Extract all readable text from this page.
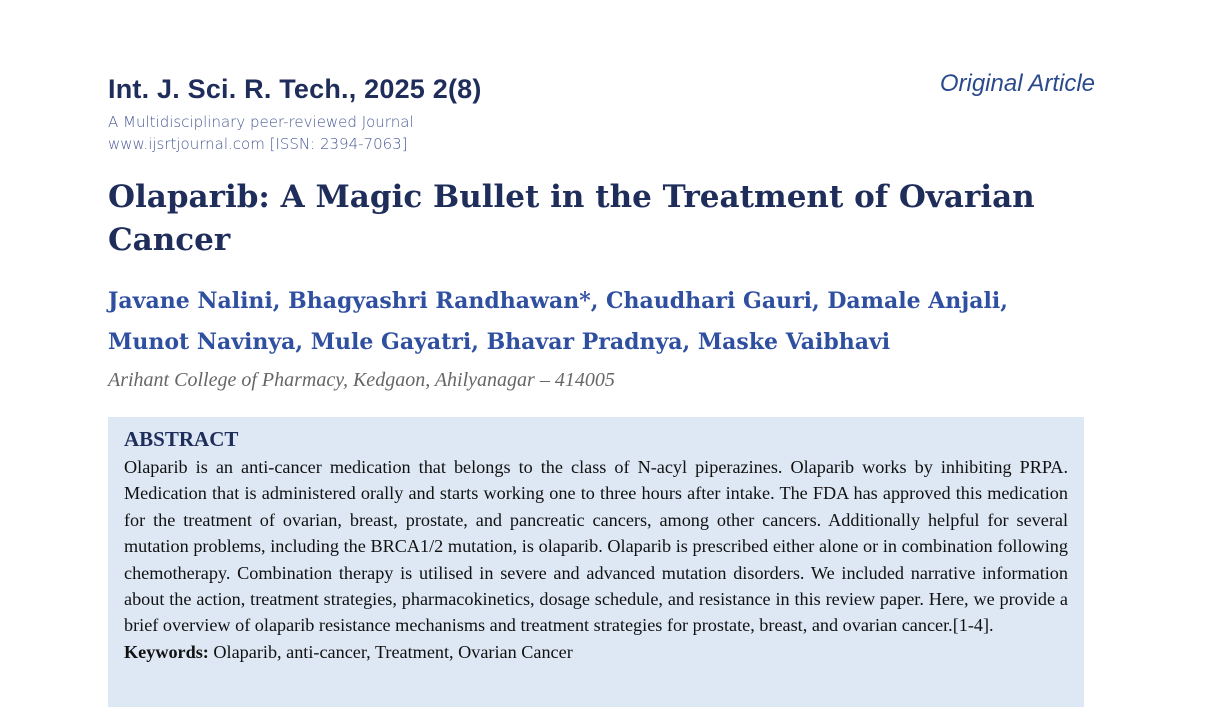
Int. J. Sci. R. Tech., 2025 2(8)
A Multidisciplinary peer-reviewed Journal
www.ijsrtjournal.com [ISSN: 2394-7063]
Original Article
Olaparib: A Magic Bullet in the Treatment of Ovarian Cancer
Javane Nalini, Bhagyashri Randhawan*, Chaudhari Gauri, Damale Anjali,
Munot Navinya, Mule Gayatri, Bhavar Pradnya, Maske Vaibhavi
Arihant College of Pharmacy, Kedgaon, Ahilyanagar – 414005
ABSTRACT

Olaparib is an anti-cancer medication that belongs to the class of N-acyl piperazines. Olaparib works by inhibiting PRPA. Medication that is administered orally and starts working one to three hours after intake. The FDA has approved this medication for the treatment of ovarian, breast, prostate, and pancreatic cancers, among other cancers. Additionally helpful for several mutation problems, including the BRCA1/2 mutation, is olaparib. Olaparib is prescribed either alone or in combination following chemotherapy. Combination therapy is utilised in severe and advanced mutation disorders. We included narrative information about the action, treatment strategies, pharmacokinetics, dosage schedule, and resistance in this review paper. Here, we provide a brief overview of olaparib resistance mechanisms and treatment strategies for prostate, breast, and ovarian cancer.[1-4].

Keywords: Olaparib, anti-cancer, Treatment, Ovarian Cancer
